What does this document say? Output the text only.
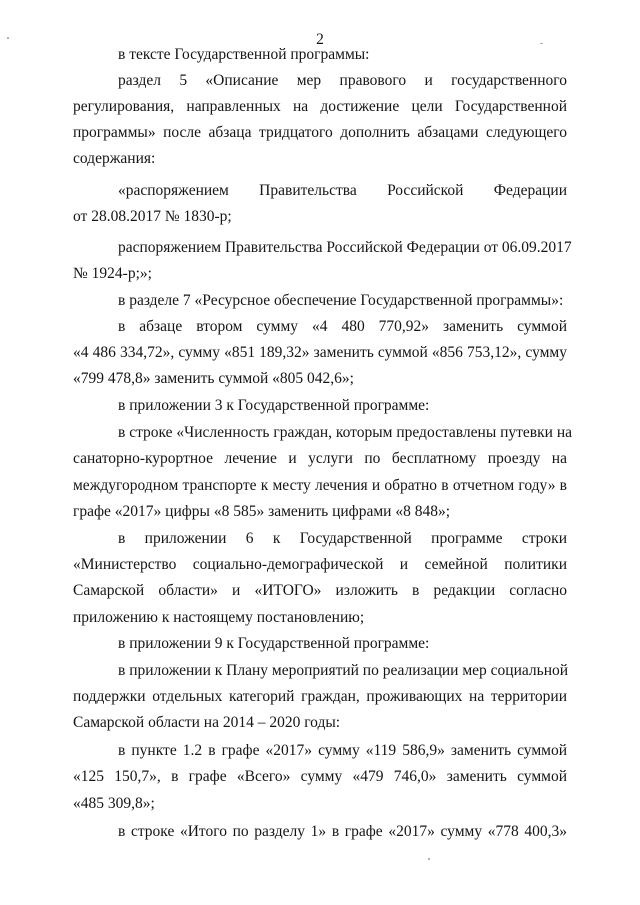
2
в тексте Государственной программы:
раздел 5 «Описание мер правового и государственного
регулирования, направленных на достижение цели Государственной
программы» после абзаца тридцатого дополнить абзацами следующего
содержания:
«распоряжением Правительства Российской Федерации
от 28.08.2017 № 1830-р;
распоряжением Правительства Российской Федерации от 06.09.2017
№ 1924-р;»;
в разделе 7 «Ресурсное обеспечение Государственной программы»:
в абзаце втором сумму «4 480 770,92» заменить суммой
«4 486 334,72», сумму «851 189,32» заменить суммой «856 753,12», сумму
«799 478,8» заменить суммой «805 042,6»;
в приложении 3 к Государственной программе:
в строке «Численность граждан, которым предоставлены путевки на
санаторно-курортное лечение и услуги по бесплатному проезду на
междугородном транспорте к месту лечения и обратно в отчетном году» в
графе «2017» цифры «8 585» заменить цифрами «8 848»;
в приложении 6 к Государственной программе строки
«Министерство социально-демографической и семейной политики
Самарской области» и «ИТОГО» изложить в редакции согласно
приложению к настоящему постановлению;
в приложении 9 к Государственной программе:
в приложении к Плану мероприятий по реализации мер социальной
поддержки отдельных категорий граждан, проживающих на территории
Самарской области на 2014 – 2020 годы:
в пункте 1.2 в графе «2017» сумму «119 586,9» заменить суммой
«125 150,7», в графе «Всего» сумму «479 746,0» заменить суммой
«485 309,8»;
в строке «Итого по разделу 1» в графе «2017» сумму «778 400,3»
